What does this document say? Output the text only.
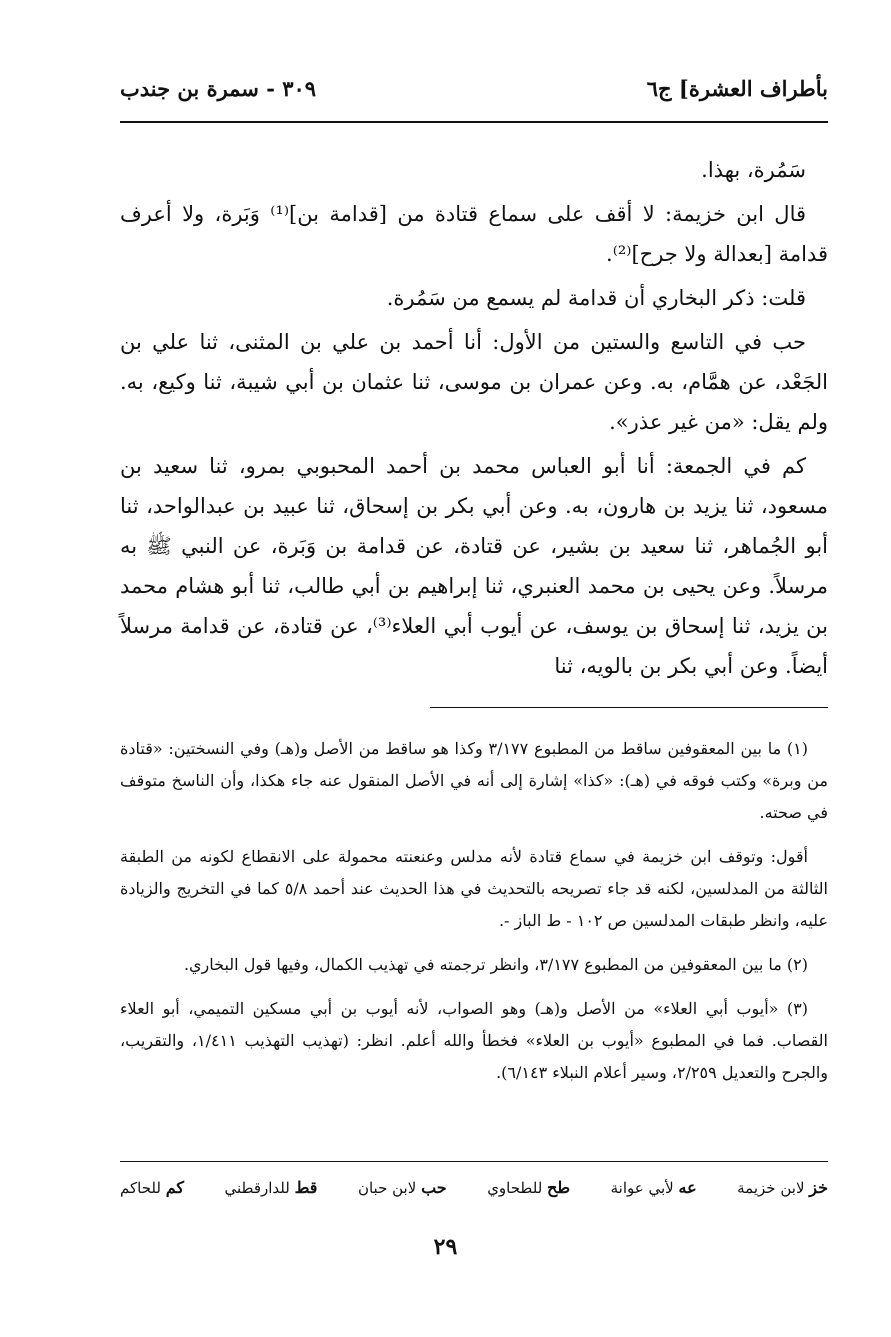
بأطراف العشرة] ج٦
٣٠٩ - سمرة بن جندب

سَمُرة، بهذا.

قال ابن خزيمة: لا أقف على سماع قتادة من [قدامة بن]⁽¹⁾ وَبَرة، ولا أعرف قدامة [بعدالة ولا جرح]⁽²⁾.

قلت: ذكر البخاري أن قدامة لم يسمع من سَمُرة.

حب في التاسع والستين من الأول: أنا أحمد بن علي بن المثنى، ثنا علي بن الجَعْد، عن همَّام، به. وعن عمران بن موسى، ثنا عثمان بن أبي شيبة، ثنا وكيع، به. ولم يقل: «من غير عذر».

كم في الجمعة: أنا أبو العباس محمد بن أحمد المحبوبي بمرو، ثنا سعيد بن مسعود، ثنا يزيد بن هارون، به. وعن أبي بكر بن إسحاق، ثنا عبيد بن عبدالواحد، ثنا أبو الجُماهر، ثنا سعيد بن بشير، عن قتادة، عن قدامة بن وَبَرة، عن النبي ﷺ به مرسلاً. وعن يحيى بن محمد العنبري، ثنا إبراهيم بن أبي طالب، ثنا أبو هشام محمد بن يزيد، ثنا إسحاق بن يوسف، عن أيوب أبي العلاء⁽³⁾، عن قتادة، عن قدامة مرسلاً أيضاً. وعن أبي بكر بن بالويه، ثنا

(١) ما بين المعقوفين ساقط من المطبوع ٣/١٧٧ وكذا هو ساقط من الأصل و(هـ) وفي النسختين: «قتادة من وبرة» وكتب فوقه في (هـ): «كذا» إشارة إلى أنه في الأصل المنقول عنه جاء هكذا، وأن الناسخ متوقف في صحته.

أقول: وتوقف ابن خزيمة في سماع قتادة لأنه مدلس وعنعنته محمولة على الانقطاع لكونه من الطبقة الثالثة من المدلسين، لكنه قد جاء تصريحه بالتحديث في هذا الحديث عند أحمد ٥/٨ كما في التخريج والزيادة عليه، وانظر طبقات المدلسين ص ١٠٢ - ط الباز -.

(٢) ما بين المعقوفين من المطبوع ٣/١٧٧، وانظر ترجمته في تهذيب الكمال، وفيها قول البخاري.

(٣) «أيوب أبي العلاء» من الأصل و(هـ) وهو الصواب، لأنه أيوب بن أبي مسكين التميمي، أبو العلاء القصاب. فما في المطبوع «أيوب بن العلاء» فخطأ والله أعلم. انظر: (تهذيب التهذيب ١/٤١١، والتقريب، والجرح والتعديل ٢/٢٥٩، وسير أعلام النبلاء ٦/١٤٣).

خز لابن خزيمة
عه لأبي عوانة
طح للطحاوي
حب لابن حبان
قط للدارقطني
كم للحاكم
٢٩
